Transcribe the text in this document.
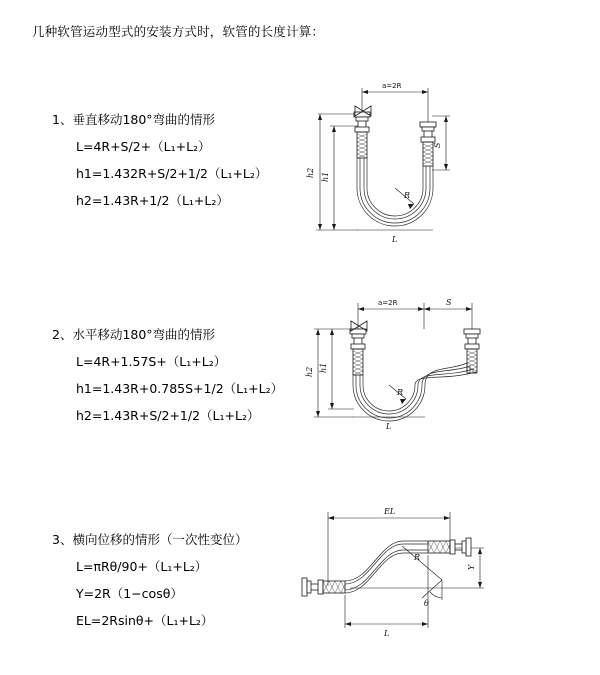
几种软管运动型式的安装方式时，软管的长度计算：
1、垂直移动180°弯曲的情形
L=4R+S/2+（L₁+L₂）
h1=1.432R+S/2+1/2（L₁+L₂）
h2=1.43R+1/2（L₁+L₂）
a=2R
h2 h1
S
R
L
2、水平移动180°弯曲的情形
L=4R+1.57S+（L₁+L₂）
h1=1.43R+0.785S+1/2（L₁+L₂）
h2=1.43R+S/2+1/2（L₁+L₂）
a=2R	S
h2 h1
R
L
3、横向位移的情形（一次性变位）
L=πRθ/90+（L₁+L₂）
Y=2R（1−cosθ）
EL=2Rsinθ+（L₁+L₂）
EL
Y
R
θ
L
